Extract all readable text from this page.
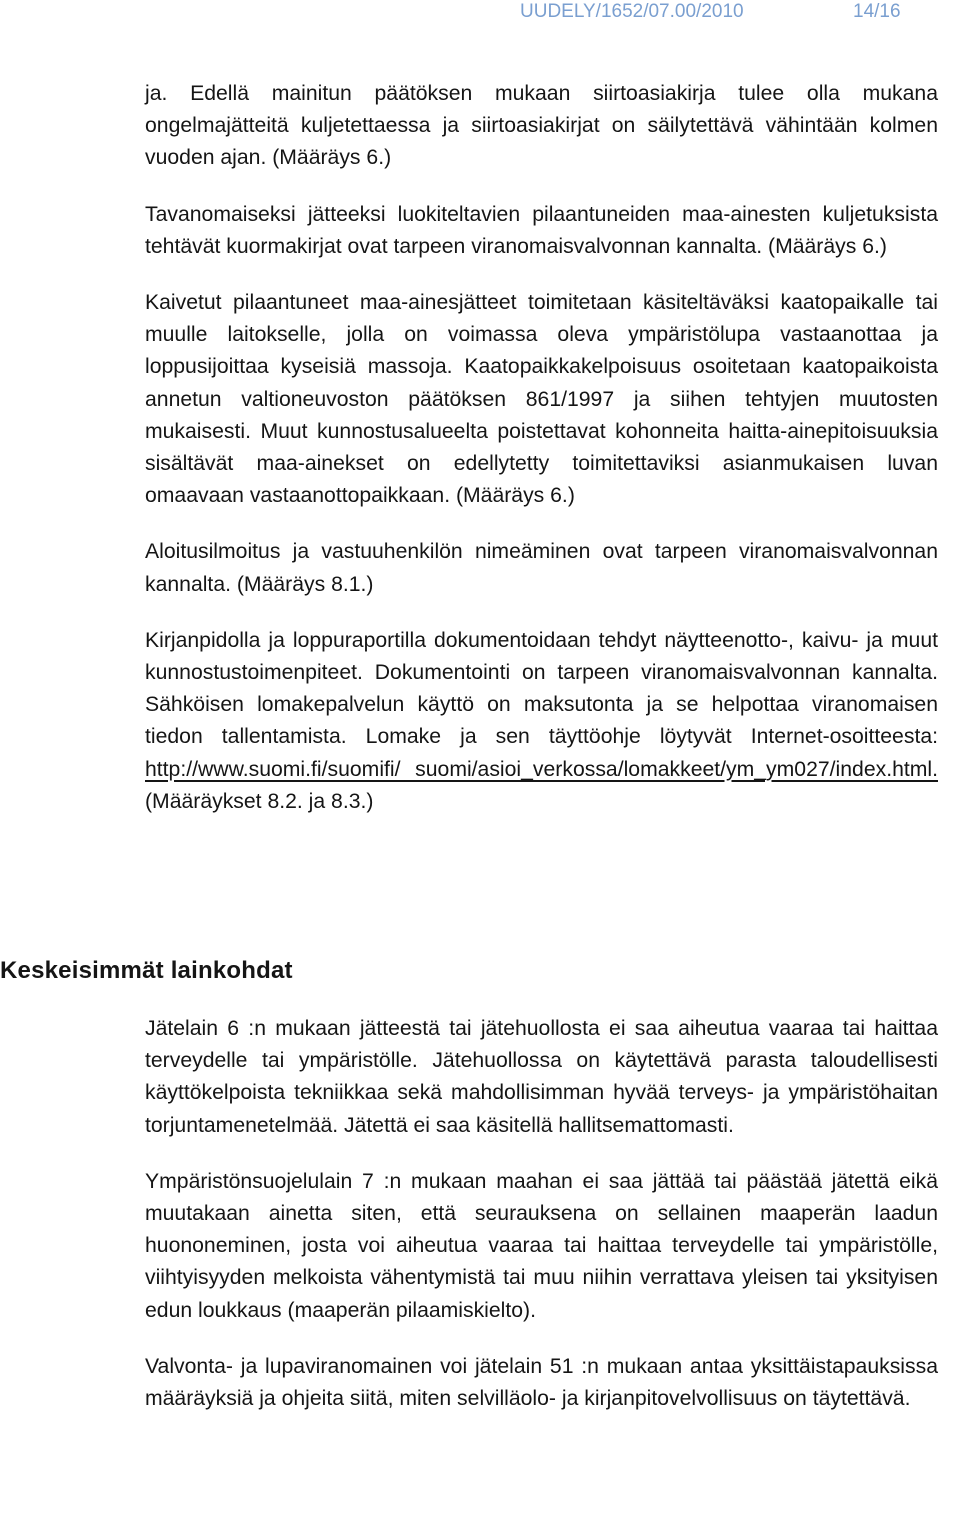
UUDELY/1652/07.00/2010	14/16

ja. Edellä mainitun päätöksen mukaan siirtoasiakirja tulee olla mukana ongelmajätteitä kuljetettaessa ja siirtoasiakirjat on säilytettävä vähintään kolmen vuoden ajan. (Määräys 6.)

Tavanomaiseksi jätteeksi luokiteltavien pilaantuneiden maa-ainesten kuljetuksista tehtävät kuormakirjat ovat tarpeen viranomaisvalvonnan kannalta. (Määräys 6.)

Kaivetut pilaantuneet maa-ainesjätteet toimitetaan käsiteltäväksi kaatopaikalle tai muulle laitokselle, jolla on voimassa oleva ympäristölupa vastaanottaa ja loppusijoittaa kyseisiä massoja. Kaatopaikkakelpoisuus osoitetaan kaatopaikoista annetun valtioneuvoston päätöksen 861/1997 ja siihen tehtyjen muutosten mukaisesti. Muut kunnostusalueelta poistettavat kohonneita haitta-ainepitoisuuksia sisältävät maa-ainekset on edellytetty toimitettaviksi asianmukaisen luvan omaavaan vastaanottopaikkaan. (Määräys 6.)

Aloitusilmoitus ja vastuuhenkilön nimeäminen ovat tarpeen viranomaisvalvonnan kannalta. (Määräys 8.1.)

Kirjanpidolla ja loppuraportilla dokumentoidaan tehdyt näytteenotto-, kaivu- ja muut kunnostustoimenpiteet. Dokumentointi on tarpeen viranomaisvalvonnan kannalta. Sähköisen lomakepalvelun käyttö on maksutonta ja se helpottaa viranomaisen tiedon tallentamista. Lomake ja sen täyttöohje löytyvät Internet-osoitteesta: http://www.suomi.fi/suomifi/ suomi/asioi_verkossa/lomakkeet/ym_ym027/index.html. (Määräykset 8.2. ja 8.3.)

Keskeisimmät lainkohdat

Jätelain 6 :n mukaan jätteestä tai jätehuollosta ei saa aiheutua vaaraa tai haittaa terveydelle tai ympäristölle. Jätehuollossa on käytettävä parasta taloudellisesti käyttökelpoista tekniikkaa sekä mahdollisimman hyvää terveys- ja ympäristöhaitan torjuntamenetelmää. Jätettä ei saa käsitellä hallitsemattomasti.

Ympäristönsuojelulain 7 :n mukaan maahan ei saa jättää tai päästää jätettä eikä muutakaan ainetta siten, että seurauksena on sellainen maaperän laadun huononeminen, josta voi aiheutua vaaraa tai haittaa terveydelle tai ympäristölle, viihtyisyyden melkoista vähentymistä tai muu niihin verrattava yleisen tai yksityisen edun loukkaus (maaperän pilaamiskielto).

Valvonta- ja lupaviranomainen voi jätelain 51 :n mukaan antaa yksittäistapauksissa määräyksiä ja ohjeita siitä, miten selvilläolo- ja kirjanpitovelvollisuus on täytettävä.
